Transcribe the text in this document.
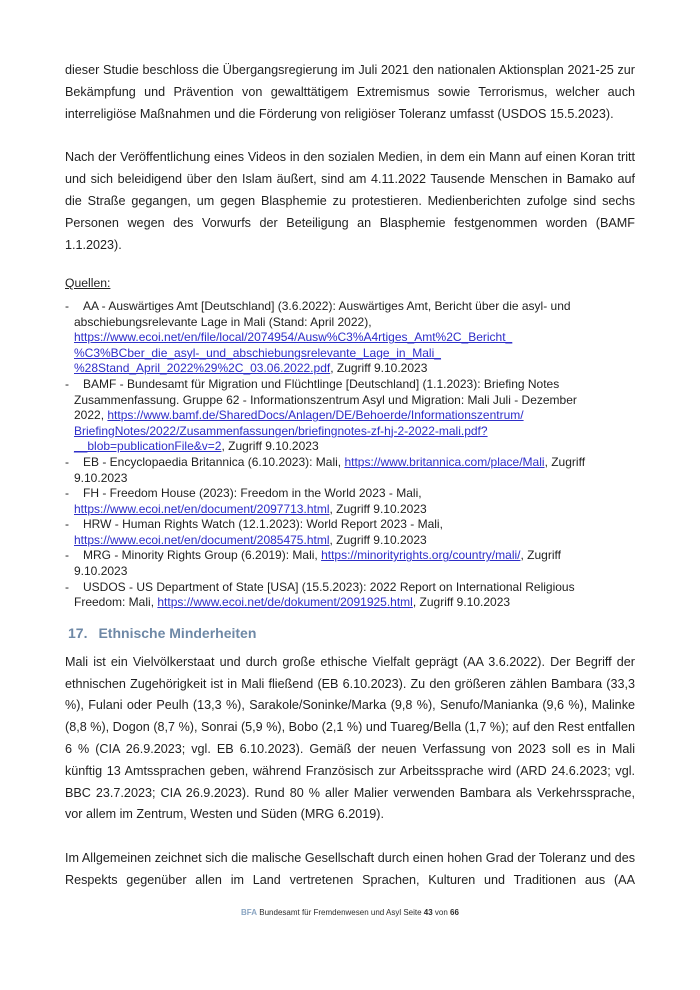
dieser Studie beschloss die Übergangsregierung im Juli 2021 den nationalen Aktionsplan 2021-25 zur Bekämpfung und Prävention von gewalttätigem Extremismus sowie Terrorismus, welcher auch interreligiöse Maßnahmen und die Förderung von religiöser Toleranz umfasst (USDOS 15.5.2023).

Nach der Veröffentlichung eines Videos in den sozialen Medien, in dem ein Mann auf einen Koran tritt und sich beleidigend über den Islam äußert, sind am 4.11.2022 Tausende Menschen in Bamako auf die Straße gegangen, um gegen Blasphemie zu protestieren. Medienberichten zufolge sind sechs Personen wegen des Vorwurfs der Beteiligung an Blasphemie festgenommen worden (BAMF 1.1.2023).

Quellen:
- AA - Auswärtiges Amt [Deutschland] (3.6.2022): Auswärtiges Amt, Bericht über die asyl- und
abschiebungsrelevante Lage in Mali (Stand: April 2022),
https://www.ecoi.net/en/file/local/2074954/Ausw%C3%A4rtiges_Amt%2C_Bericht_
%C3%BCber_die_asyl-_und_abschiebungsrelevante_Lage_in_Mali_
%28Stand_April_2022%29%2C_03.06.2022.pdf, Zugriff 9.10.2023
- BAMF - Bundesamt für Migration und Flüchtlinge [Deutschland] (1.1.2023): Briefing Notes
Zusammenfassung. Gruppe 62 - Informationszentrum Asyl und Migration: Mali Juli - Dezember
2022, https://www.bamf.de/SharedDocs/Anlagen/DE/Behoerde/Informationszentrum/
BriefingNotes/2022/Zusammenfassungen/briefingnotes-zf-hj-2-2022-mali.pdf?
__blob=publicationFile&v=2, Zugriff 9.10.2023
- EB - Encyclopaedia Britannica (6.10.2023): Mali, https://www.britannica.com/place/Mali, Zugriff
9.10.2023
- FH - Freedom House (2023): Freedom in the World 2023 - Mali,
https://www.ecoi.net/en/document/2097713.html, Zugriff 9.10.2023
- HRW - Human Rights Watch (12.1.2023): World Report 2023 - Mali,
https://www.ecoi.net/en/document/2085475.html, Zugriff 9.10.2023
- MRG - Minority Rights Group (6.2019): Mali, https://minorityrights.org/country/mali/, Zugriff
9.10.2023
- USDOS - US Department of State [USA] (15.5.2023): 2022 Report on International Religious
Freedom: Mali, https://www.ecoi.net/de/dokument/2091925.html, Zugriff 9.10.2023
17. Ethnische Minderheiten

Mali ist ein Vielvölkerstaat und durch große ethische Vielfalt geprägt (AA 3.6.2022). Der Begriff der ethnischen Zugehörigkeit ist in Mali fließend (EB 6.10.2023). Zu den größeren zählen Bambara (33,3 %), Fulani oder Peulh (13,3 %), Sarakole/Soninke/Marka (9,8 %), Senufo/Manianka (9,6 %), Malinke (8,8 %), Dogon (8,7 %), Sonrai (5,9 %), Bobo (2,1 %) und Tuareg/Bella (1,7 %); auf den Rest entfallen 6 % (CIA 26.9.2023; vgl. EB 6.10.2023). Gemäß der neuen Verfassung von 2023 soll es in Mali künftig 13 Amtssprachen geben, während Französisch zur Arbeitssprache wird (ARD 24.6.2023; vgl. BBC 23.7.2023; CIA 26.9.2023). Rund 80 % aller Malier verwenden Bambara als Verkehrssprache, vor allem im Zentrum, Westen und Süden (MRG 6.2019).

Im Allgemeinen zeichnet sich die malische Gesellschaft durch einen hohen Grad der Toleranz und des Respekts gegenüber allen im Land vertretenen Sprachen, Kulturen und Traditionen aus (AA

BFA Bundesamt für Fremdenwesen und Asyl Seite 43 von 66
